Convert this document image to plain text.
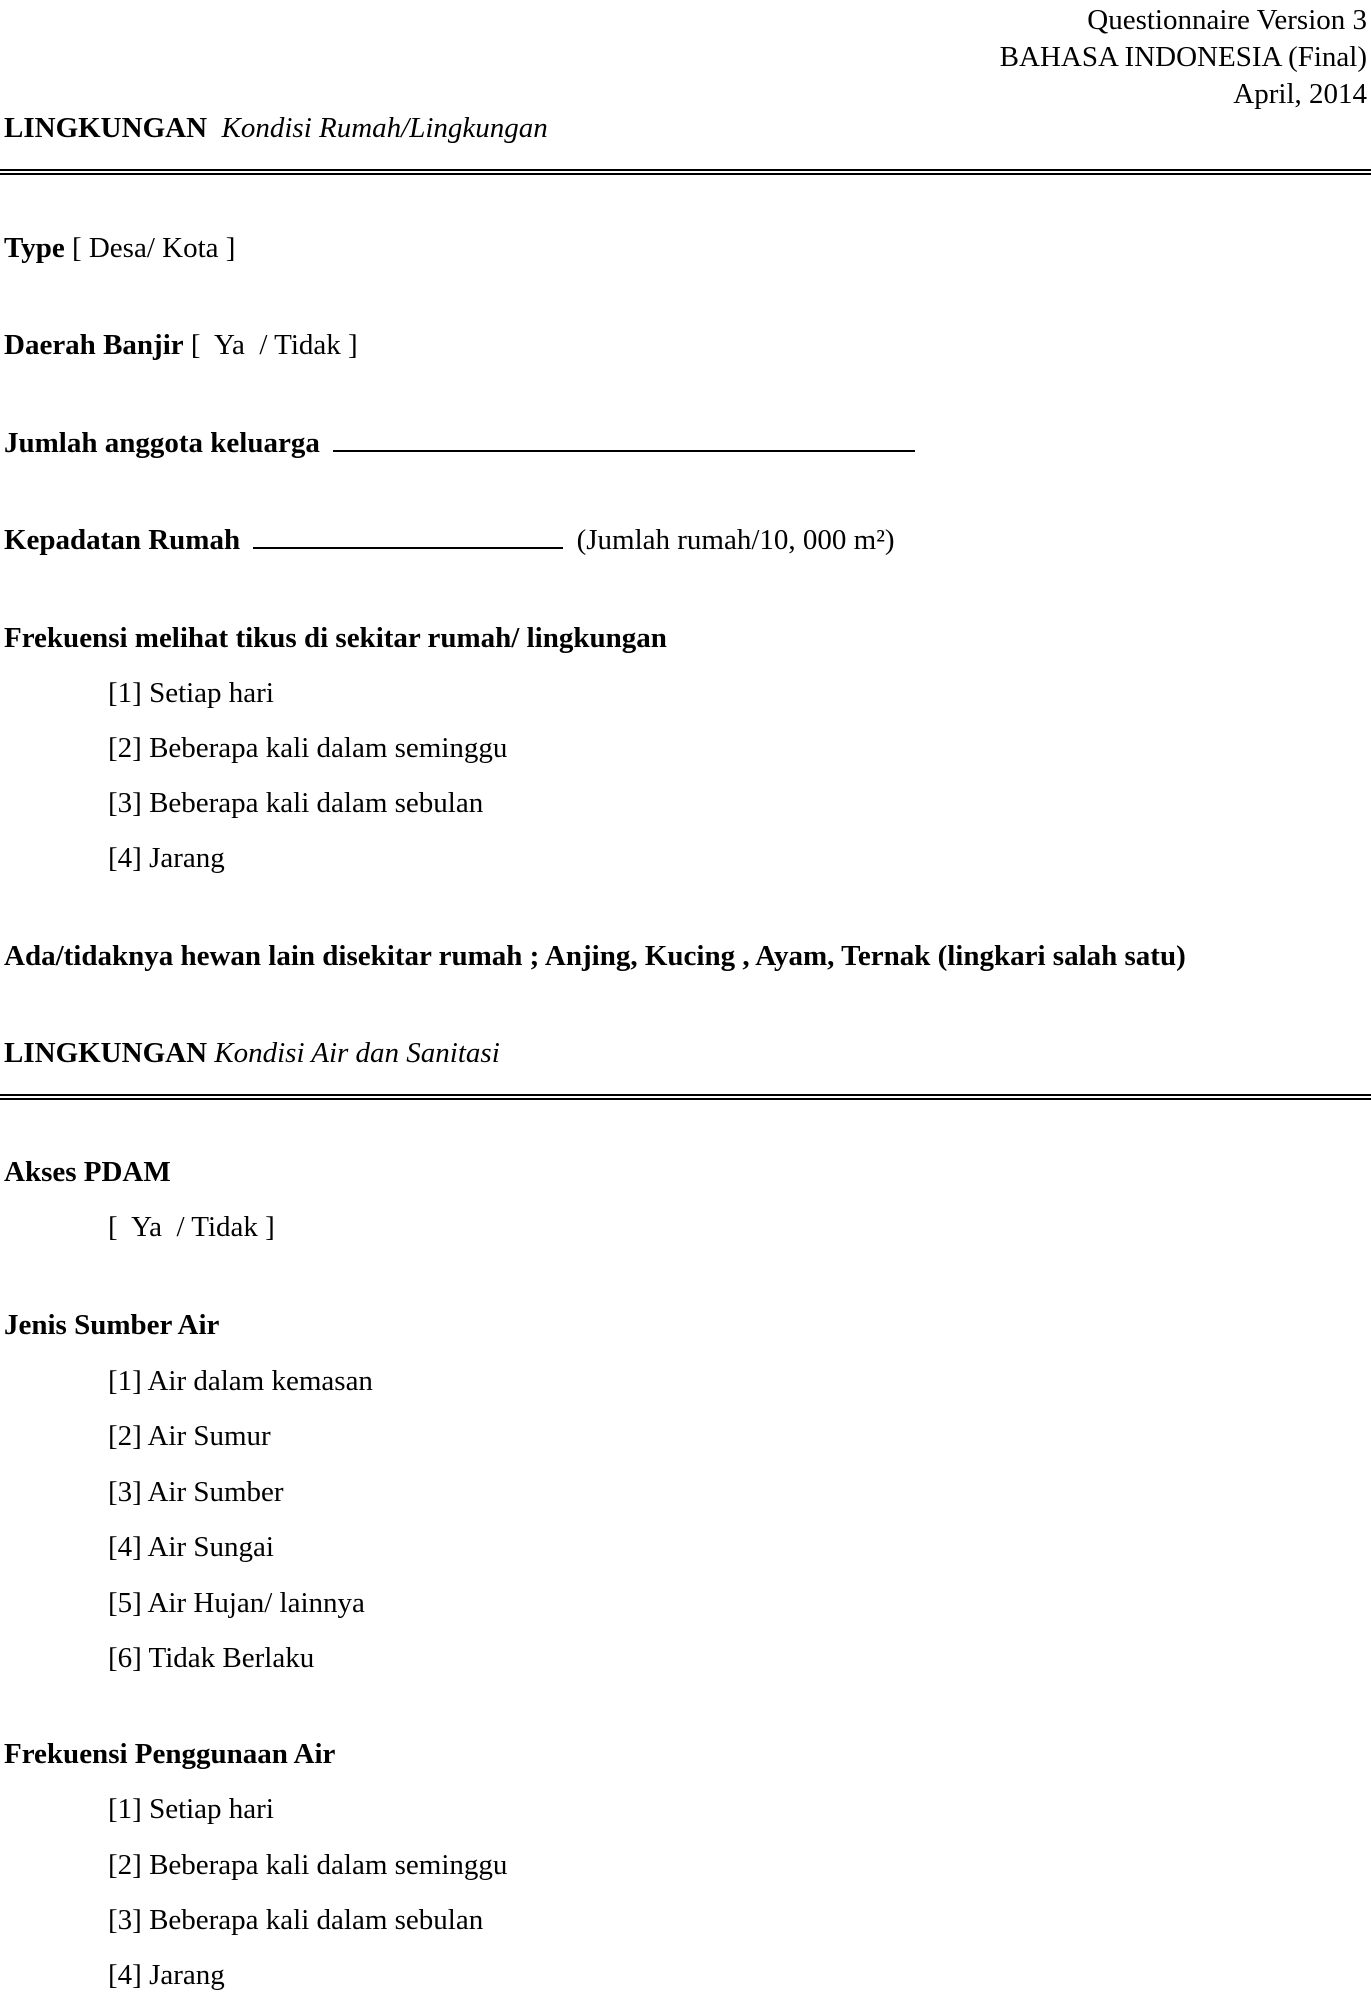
Questionnaire Version 3
BAHASA INDONESIA (Final)
April, 2014
LINGKUNGAN Kondisi Rumah/Lingkungan
Type [ Desa/ Kota ]
Daerah Banjir [  Ya  / Tidak ]
Jumlah anggota keluarga
Kepadatan Rumah	(Jumlah rumah/10, 000 m²)
Frekuensi melihat tikus di sekitar rumah/ lingkungan
[1] Setiap hari
[2] Beberapa kali dalam seminggu
[3] Beberapa kali dalam sebulan
[4] Jarang
Ada/tidaknya hewan lain disekitar rumah ; Anjing, Kucing , Ayam, Ternak (lingkari salah satu)
LINGKUNGAN Kondisi Air dan Sanitasi
Akses PDAM
[  Ya  / Tidak ]
Jenis Sumber Air
[1] Air dalam kemasan
[2] Air Sumur
[3] Air Sumber
[4] Air Sungai
[5] Air Hujan/ lainnya
[6] Tidak Berlaku
Frekuensi Penggunaan Air
[1] Setiap hari
[2] Beberapa kali dalam seminggu
[3] Beberapa kali dalam sebulan
[4] Jarang
